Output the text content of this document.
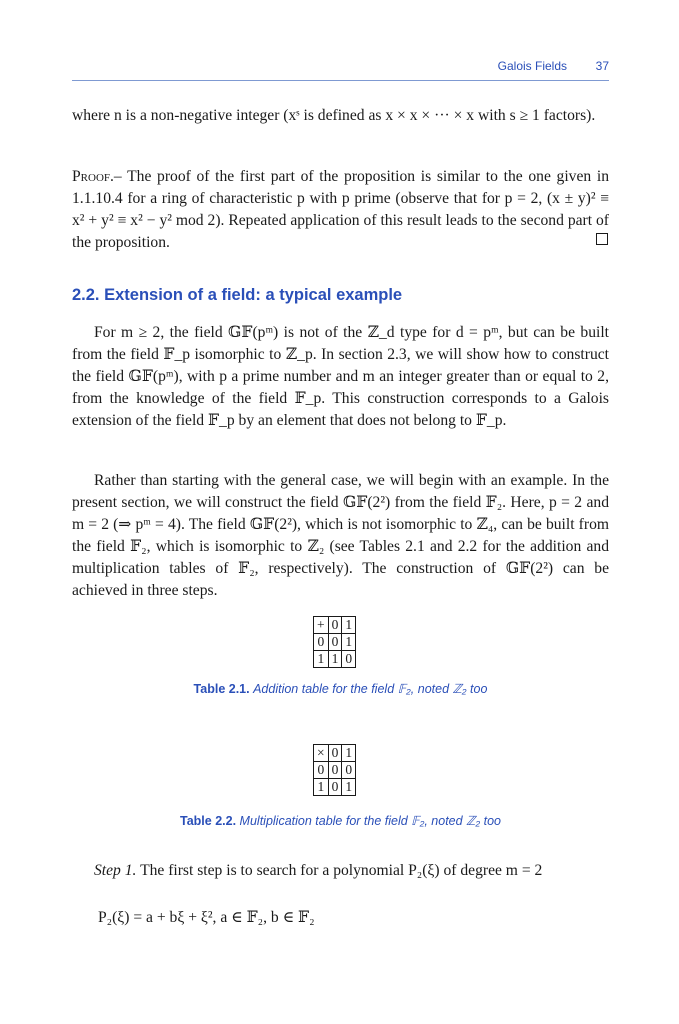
Galois Fields 37

where n is a non-negative integer (xˢ is defined as x × x × ··· × x with s ≥ 1 factors).

Proof.– The proof of the first part of the proposition is similar to the one given in 1.1.10.4 for a ring of characteristic p with p prime (observe that for p = 2, (x ± y)² ≡ x² + y² ≡ x² − y² mod 2). Repeated application of this result leads to the second part of the proposition.

2.2. Extension of a field: a typical example

For m ≥ 2, the field 𝔾𝔽(pᵐ) is not of the ℤ_d type for d = pᵐ, but can be built from the field 𝔽_p isomorphic to ℤ_p. In section 2.3, we will show how to construct the field 𝔾𝔽(pᵐ), with p a prime number and m an integer greater than or equal to 2, from the knowledge of the field 𝔽_p. This construction corresponds to a Galois extension of the field 𝔽_p by an element that does not belong to 𝔽_p.

Rather than starting with the general case, we will begin with an example. In the present section, we will construct the field 𝔾𝔽(2²) from the field 𝔽₂. Here, p = 2 and m = 2 (⇒ pᵐ = 4). The field 𝔾𝔽(2²), which is not isomorphic to ℤ₄, can be built from the field 𝔽₂, which is isomorphic to ℤ₂ (see Tables 2.1 and 2.2 for the addition and multiplication tables of 𝔽₂, respectively). The construction of 𝔾𝔽(2²) can be achieved in three steps.

+	0	1
0	0	1
1	1	0

Table 2.1. Addition table for the field 𝔽₂, noted ℤ₂ too

×	0	1
0	0	0
1	0	1

Table 2.2. Multiplication table for the field 𝔽₂, noted ℤ₂ too

Step 1. The first step is to search for a polynomial P₂(ξ) of degree m = 2

P₂(ξ) = a + bξ + ξ², a ∈ 𝔽₂, b ∈ 𝔽₂
